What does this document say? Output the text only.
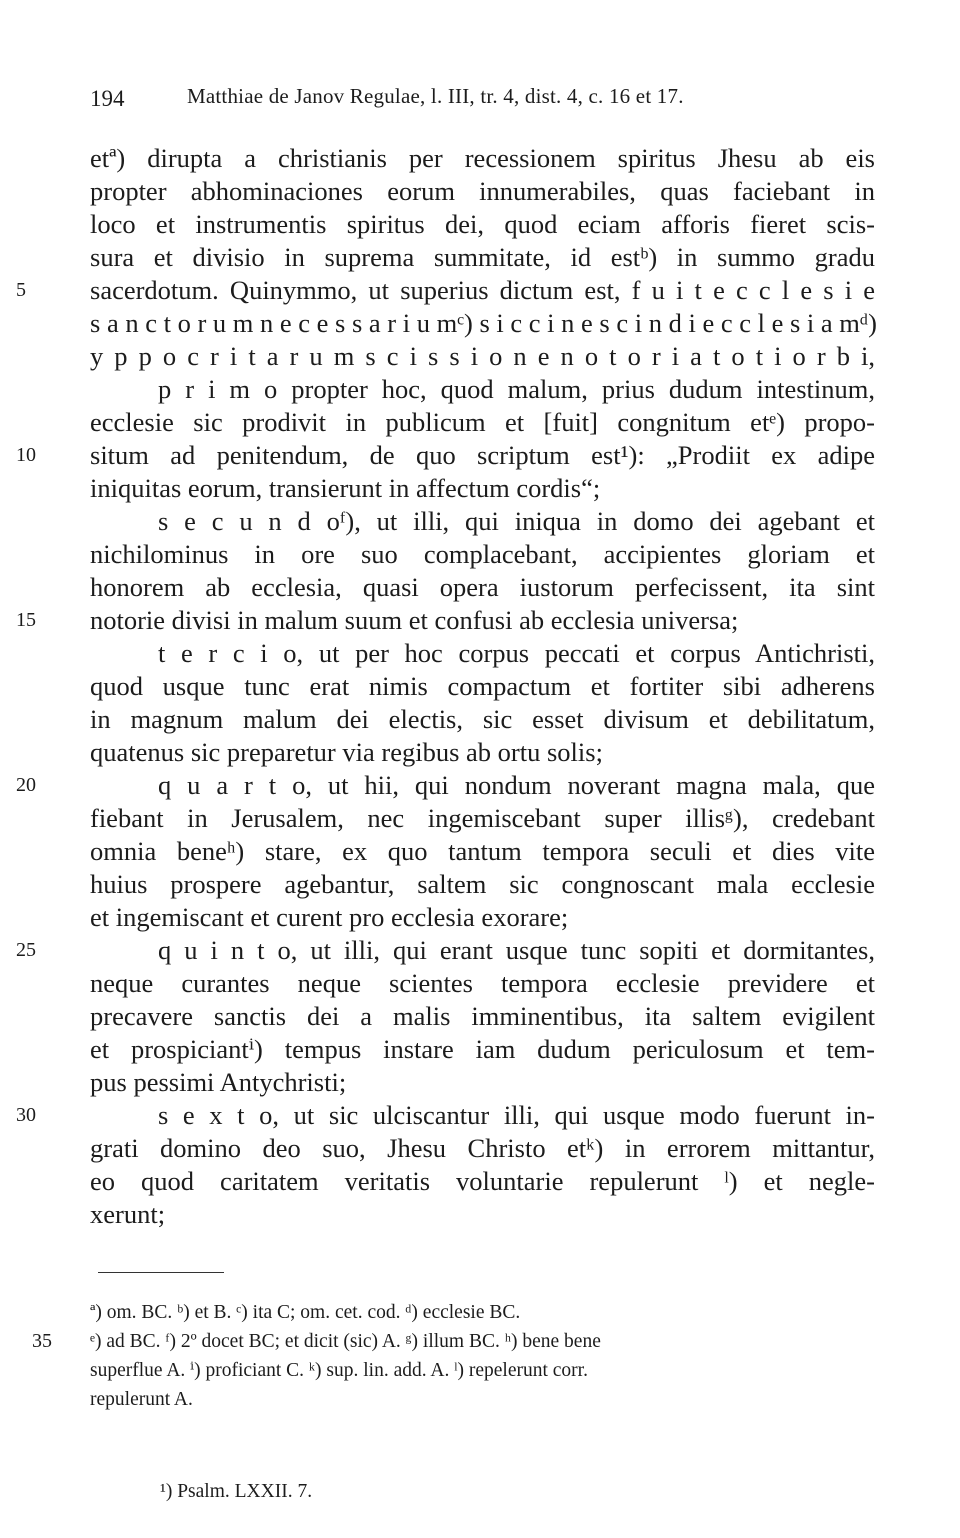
194	Matthiae de Janov Regulae, l. III, tr. 4, dist. 4, c. 16 et 17.
etª) dirupta a christianis per recessionem spiritus Jhesu ab eis
propter abhominaciones eorum innumerabiles, quas faciebant in
loco et instrumentis spiritus dei, quod eciam afforis fieret scis-
sura et divisio in suprema summitate, id estᵇ) in summo gradu
5	sacerdotum. Quinymmo, ut superius dictum est, f u i t e c c l e s i e
s a n c t o r u m n e c e s s a r i u mᶜ) s i c c i n e s c i n d i e c c l e s i a mᵈ)
y p p o c r i t a r u m s c i s s i o n e n o t o r i a t o t i o r b i,
p r i m o propter hoc, quod malum, prius dudum intestinum,
ecclesie sic prodivit in publicum et [fuit] congnitum etᵉ) propo-
10	situm ad penitendum, de quo scriptum est¹): „Prodiit ex adipe
iniquitas eorum, transierunt in affectum cordis“;
s e c u n d oᶠ), ut illi, qui iniqua in domo dei agebant et
nichilominus in ore suo complacebant, accipientes gloriam et
honorem ab ecclesia, quasi opera iustorum perfecissent, ita sint
15	notorie divisi in malum suum et confusi ab ecclesia universa;
t e r c i o, ut per hoc corpus peccati et corpus Antichristi,
quod usque tunc erat nimis compactum et fortiter sibi adherens
in magnum malum dei electis, sic esset divisum et debilitatum,
quatenus sic preparetur via regibus ab ortu solis;
20	q u a r t o, ut hii, qui nondum noverant magna mala, que
fiebant in Jerusalem, nec ingemiscebant super illisᵍ), credebant
omnia beneʰ) stare, ex quo tantum tempora seculi et dies vite
huius prospere agebantur, saltem sic congnoscant mala ecclesie
et ingemiscant et curent pro ecclesia exorare;
25	q u i n t o, ut illi, qui erant usque tunc sopiti et dormitantes,
neque curantes neque scientes tempora ecclesie previdere et
precavere sanctis dei a malis imminentibus, ita saltem evigilent
et prospiciantⁱ) tempus instare iam dudum periculosum et tem-
pus pessimi Antychristi;
30	s e x t o, ut sic ulciscantur illi, qui usque modo fuerunt in-
grati domino deo suo, Jhesu Christo etᵏ) in errorem mittantur,
eo quod caritatem veritatis voluntarie repulerunt ˡ) et negle-
xerunt;
ª) om. BC. ᵇ) et B. ᶜ) ita C; om. cet. cod. ᵈ) ecclesie BC.
35 ᵉ) ad BC. ᶠ) 2º docet BC; et dicit (sic) A. ᵍ) illum BC. ʰ) bene bene
superflue A. ⁱ) proficiant C. ᵏ) sup. lin. add. A. ˡ) repelerunt corr.
repulerunt A.
¹) Psalm. LXXII. 7.
